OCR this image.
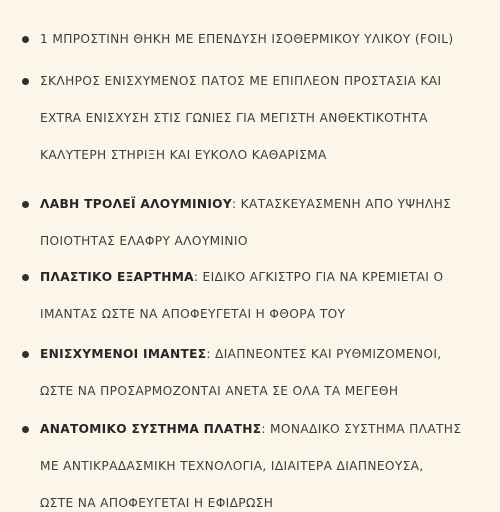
1 ΜΠΡΟΣΤΙΝΗ ΘΗΚΗ ΜΕ ΕΠΕΝΔΥΣΗ ΙΣΟΘΕΡΜΙΚΟΥ ΥΛΙΚΟΥ (FOIL)
ΣΚΛΗΡΟΣ ΕΝΙΣΧΥΜΕΝΟΣ ΠΑΤΟΣ ΜΕ ΕΠΙΠΛΕΟΝ ΠΡΟΣΤΑΣΙΑ ΚΑΙ
EXTRA ΕΝΙΣΧΥΣΗ ΣΤΙΣ ΓΩΝΙΕΣ ΓΙΑ ΜΕΓΙΣΤΗ ΑΝΘΕΚΤΙΚΟΤΗΤΑ
ΚΑΛΥΤΕΡΗ ΣΤΗΡΙΞΗ ΚΑΙ ΕΥΚΟΛΟ ΚΑΘΑΡΙΣΜΑ
ΛΑΒΗ ΤΡΟΛΕΪ ΑΛΟΥΜΙΝΙΟΥ: ΚΑΤΑΣΚΕΥΑΣΜΕΝΗ ΑΠΟ ΥΨΗΛΗΣ
ΠΟΙΟΤΗΤΑΣ ΕΛΑΦΡΥ ΑΛΟΥΜΙΝΙΟ
ΠΛΑΣΤΙΚΟ ΕΞΑΡΤΗΜΑ: ΕΙΔΙΚΟ ΑΓΚΙΣΤΡΟ ΓΙΑ ΝΑ ΚΡΕΜΙΕΤΑΙ Ο
ΙΜΑΝΤΑΣ ΩΣΤΕ ΝΑ ΑΠΟΦΕΥΓΕΤΑΙ Η ΦΘΟΡΑ ΤΟΥ
ΕΝΙΣΧΥΜΕΝΟΙ ΙΜΑΝΤΕΣ: ΔΙΑΠΝΕΟΝΤΕΣ ΚΑΙ ΡΥΘΜΙΖΟΜΕΝΟΙ,
ΩΣΤΕ ΝΑ ΠΡΟΣΑΡΜΟΖΟΝΤΑΙ ΑΝΕΤΑ ΣΕ ΟΛΑ ΤΑ ΜΕΓΕΘΗ
ΑΝΑΤΟΜΙΚΟ ΣΥΣΤΗΜΑ ΠΛΑΤΗΣ: ΜΟΝΑΔΙΚΟ ΣΥΣΤΗΜΑ ΠΛΑΤΗΣ
ΜΕ ΑΝΤΙΚΡΑΔΑΣΜΙΚΗ ΤΕΧΝΟΛΟΓΙΑ, ΙΔΙΑΙΤΕΡΑ ΔΙΑΠΝΕΟΥΣΑ,
ΩΣΤΕ ΝΑ ΑΠΟΦΕΥΓΕΤΑΙ Η ΕΦΙΔΡΩΣΗ
